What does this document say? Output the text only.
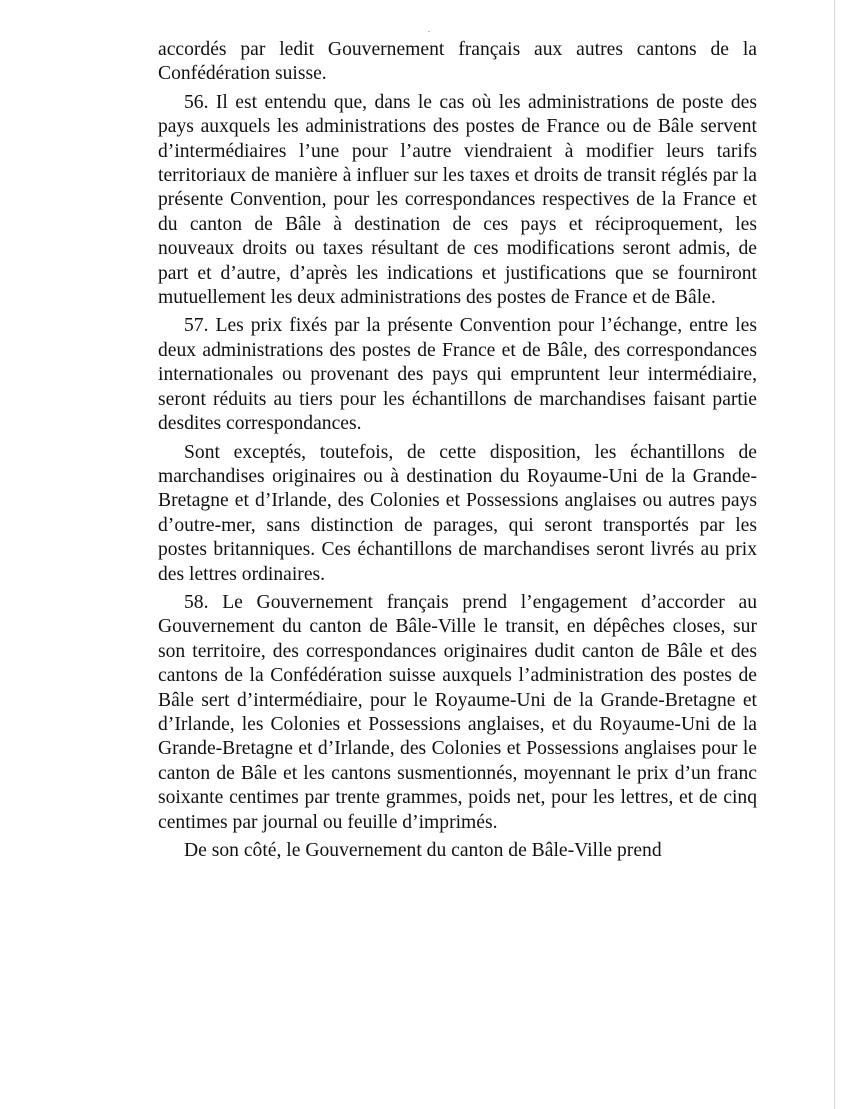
accordés par ledit Gouvernement français aux autres cantons de la Confédération suisse.

56. Il est entendu que, dans le cas où les administrations de poste des pays auxquels les administrations des postes de France ou de Bâle servent d’intermédiaires l’une pour l’autre viendraient à modifier leurs tarifs territoriaux de manière à influer sur les taxes et droits de transit réglés par la présente Convention, pour les correspondances respectives de la France et du canton de Bâle à destination de ces pays et réciproquement, les nouveaux droits ou taxes résultant de ces modifications seront admis, de part et d’autre, d’après les indications et justifications que se fourniront mutuellement les deux administrations des postes de France et de Bâle.

57. Les prix fixés par la présente Convention pour l’échange, entre les deux administrations des postes de France et de Bâle, des correspondances internationales ou provenant des pays qui empruntent leur intermédiaire, seront réduits au tiers pour les échantillons de marchandises faisant partie desdites correspondances.

Sont exceptés, toutefois, de cette disposition, les échantillons de marchandises originaires ou à destination du Royaume-Uni de la Grande-Bretagne et d’Irlande, des Colonies et Possessions anglaises ou autres pays d’outre-mer, sans distinction de parages, qui seront transportés par les postes britanniques. Ces échantillons de marchandises seront livrés au prix des lettres ordinaires.

58. Le Gouvernement français prend l’engagement d’accorder au Gouvernement du canton de Bâle-Ville le transit, en dépêches closes, sur son territoire, des correspondances originaires dudit canton de Bâle et des cantons de la Confédération suisse auxquels l’administration des postes de Bâle sert d’intermédiaire, pour le Royaume-Uni de la Grande-Bretagne et d’Irlande, les Colonies et Possessions anglaises, et du Royaume-Uni de la Grande-Bretagne et d’Irlande, des Colonies et Possessions anglaises pour le canton de Bâle et les cantons susmentionnés, moyennant le prix d’un franc soixante centimes par trente grammes, poids net, pour les lettres, et de cinq centimes par journal ou feuille d’imprimés.

De son côté, le Gouvernement du canton de Bâle-Ville prend
